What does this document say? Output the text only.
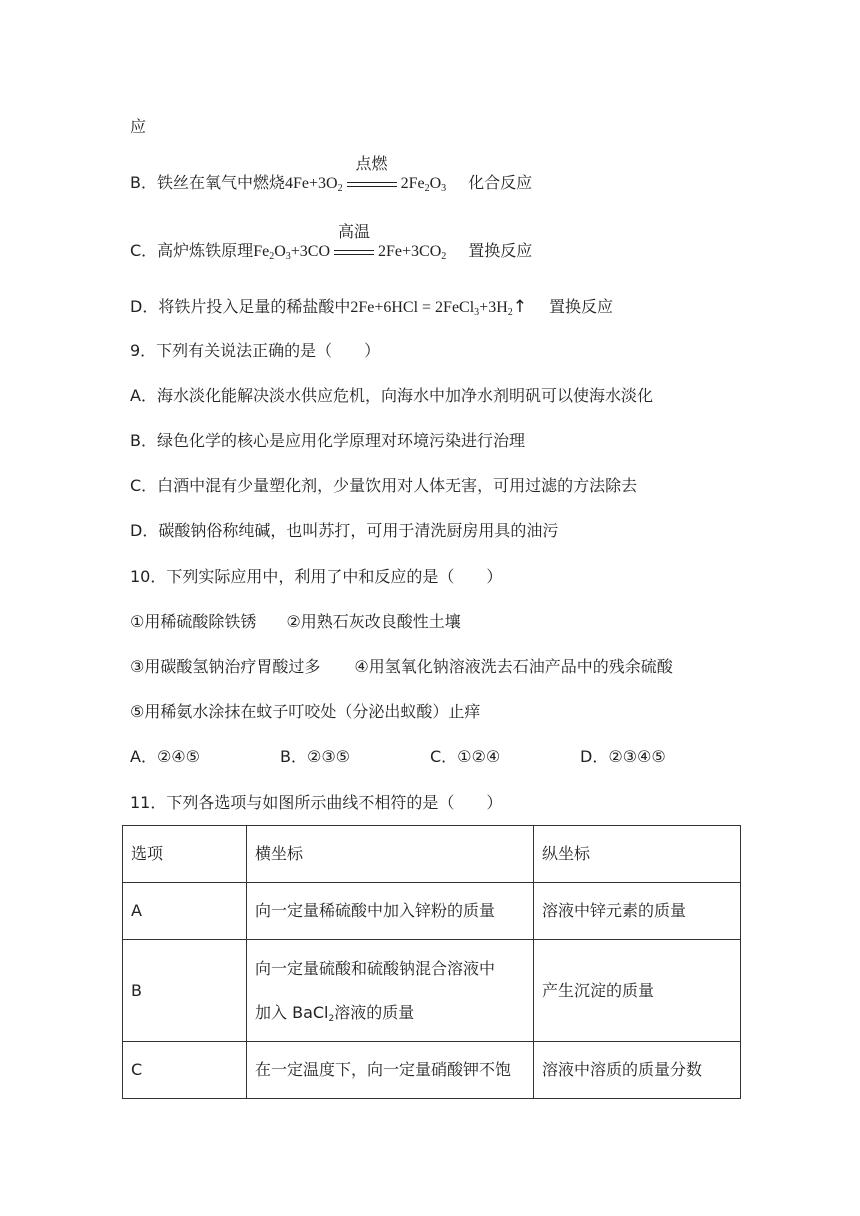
应
B．铁丝在氧气中燃烧$4Fe+3O_2$
点燃
$2Fe_2O_3$ 化合反应
C．高炉炼铁原理$Fe_2O_3+3CO$
高温
$2Fe+3CO_2$ 置换反应
D．将铁片投入足量的稀盐酸中$2Fe+6HCl = 2FeCl_3+3H_2↑$ 置换反应
9．下列有关说法正确的是（　　）
A．海水淡化能解决淡水供应危机，向海水中加净水剂明矾可以使海水淡化
B．绿色化学的核心是应用化学原理对环境污染进行治理
C．白酒中混有少量塑化剂，少量饮用对人体无害，可用过滤的方法除去
D．碳酸钠俗称纯碱，也叫苏打，可用于清洗厨房用具的油污
10．下列实际应用中，利用了中和反应的是（　　）
①用稀硫酸除铁锈 ②用熟石灰改良酸性土壤
③用碳酸氢钠治疗胃酸过多 ④用氢氧化钠溶液洗去石油产品中的残余硫酸
⑤用稀氨水涂抹在蚊子叮咬处（分泌出蚁酸）止痒
A．②④⑤	B．②③⑤	C．①②④	D．②③④⑤
11．下列各选项与如图所示曲线不相符的是（　　）
选项	横坐标	纵坐标
A	向一定量稀硫酸中加入锌粉的质量	溶液中锌元素的质量
B	向一定量硫酸和硫酸钠混合溶液中
加入 BaCl$_2$溶液的质量	产生沉淀的质量
C	在一定温度下，向一定量硝酸钾不饱	溶液中溶质的质量分数
